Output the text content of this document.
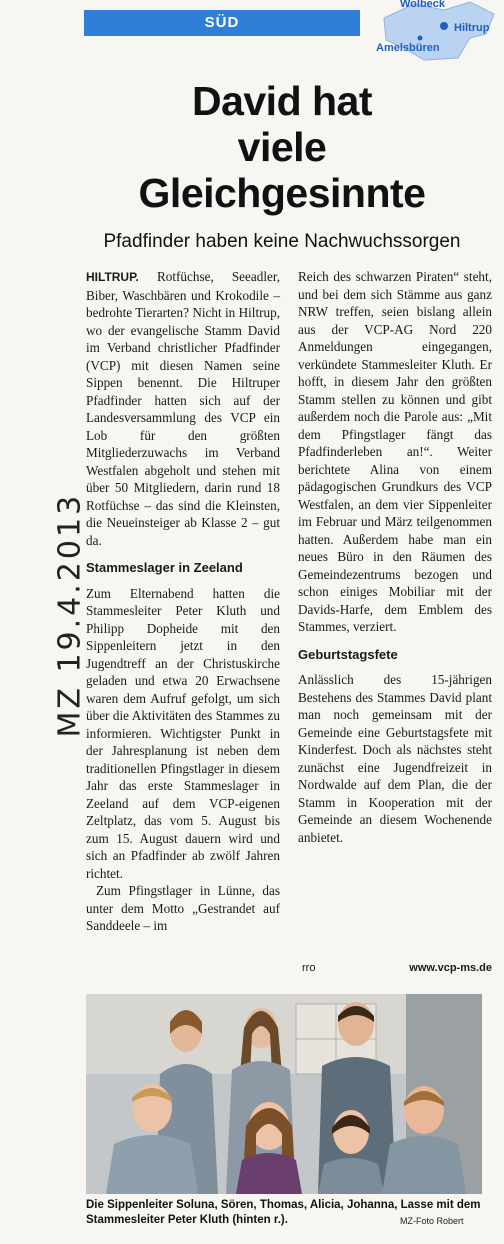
SÜD
Wolbeck
Hiltrup
Amelsbüren
David hat
viele
Gleichgesinnte
Pfadfinder haben keine Nachwuchssorgen
MZ 19.4.2013

HILTRUP. Rotfüchse, Seeadler, Biber, Waschbären und Krokodile – bedrohte Tierarten? Nicht in Hiltrup, wo der evangelische Stamm David im Verband christlicher Pfadfinder (VCP) mit diesen Namen seine Sippen benennt. Die Hiltruper Pfadfinder hatten sich auf der Landesversammlung des VCP ein Lob für den größten Mitgliederzuwachs im Verband Westfalen abgeholt und stehen mit über 50 Mitgliedern, darin rund 18 Rotfüchse – das sind die Kleinsten, die Neueinsteiger ab Klasse 2 – gut da.

Stammeslager in Zeeland

Zum Elternabend hatten die Stammesleiter Peter Kluth und Philipp Dopheide mit den Sippenleitern jetzt in den Jugendtreff an der Christuskirche geladen und etwa 20 Erwachsene waren dem Aufruf gefolgt, um sich über die Aktivitäten des Stammes zu informieren. Wichtigster Punkt in der Jahresplanung ist neben dem traditionellen Pfingstlager in diesem Jahr das erste Stammeslager in Zeeland auf dem VCP-eigenen Zeltplatz, das vom 5. August bis zum 15. August dauern wird und sich an Pfadfinder ab zwölf Jahren richtet.

Zum Pfingstlager in Lünne, das unter dem Motto „Gestrandet auf Sanddeele – im

Reich des schwarzen Piraten“ steht, und bei dem sich Stämme aus ganz NRW treffen, seien bislang allein aus der VCP-AG Nord 220 Anmeldungen eingegangen, verkündete Stammesleiter Kluth. Er hofft, in diesem Jahr den größten Stamm stellen zu können und gibt außerdem noch die Parole aus: „Mit dem Pfingstlager fängt das Pfadfinderleben an!“. Weiter berichtete Alina von einem pädagogischen Grundkurs des VCP Westfalen, an dem vier Sippenleiter im Februar und März teilgenommen hatten. Außerdem habe man ein neues Büro in den Räumen des Gemeindezentrums bezogen und schon einiges Mobiliar mit der Davids-Harfe, dem Emblem des Stammes, verziert.

Geburtstagsfete

Anlässlich des 15-jährigen Bestehens des Stammes David plant man noch gemeinsam mit der Gemeinde eine Geburtstagsfete mit Kinderfest. Doch als nächstes steht zunächst eine Jugendfreizeit in Nordwalde auf dem Plan, die der Stamm in Kooperation mit der Gemeinde an diesem Wochenende anbietet.

rro	www.vcp-ms.de
Die Sippenleiter Soluna, Sören, Thomas, Alicia, Johanna, Lasse mit dem Stammesleiter Peter Kluth (hinten r.).	MZ-Foto Robert
